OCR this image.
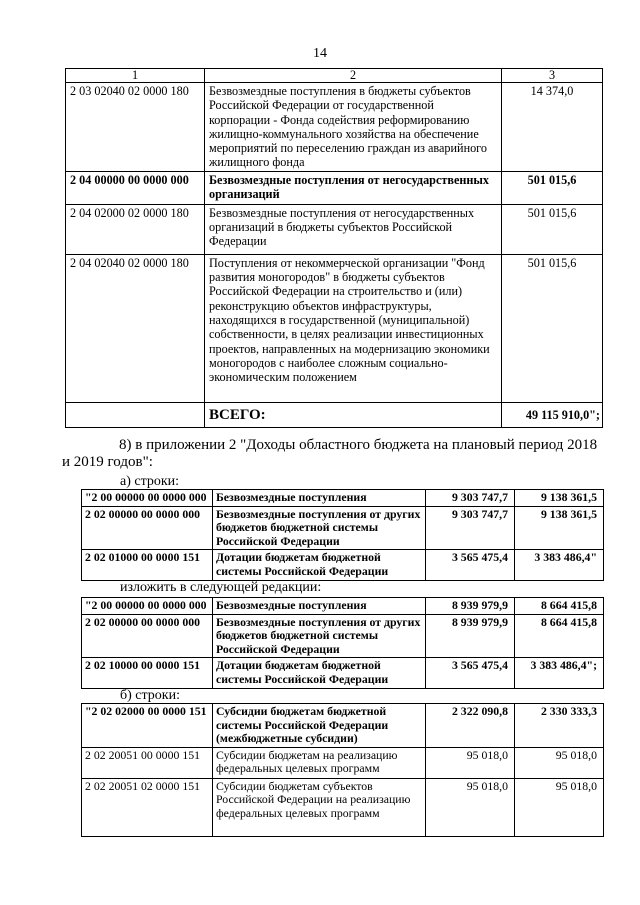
14
1	2	3
2 03 02040 02 0000 180	Безвозмездные поступления в бюджеты субъектов Российской Федерации от государственной корпорации - Фонда содействия реформированию жилищно-коммунального хозяйства на обеспечение мероприятий по переселению граждан из аварийного жилищного фонда	14 374,0
2 04 00000 00 0000 000	Безвозмездные поступления от негосударственных организаций	501 015,6
2 04 02000 02 0000 180	Безвозмездные поступления от негосударственных организаций в бюджеты субъектов Российской Федерации	501 015,6
2 04 02040 02 0000 180	Поступления от некоммерческой организации "Фонд развития моногородов" в бюджеты субъектов Российской Федерации на строительство и (или) реконструкцию объектов инфраструктуры, находящихся в государственной (муниципальной) собственности, в целях реализации инвестиционных проектов, направленных на модернизацию экономики моногородов с наиболее сложным социально-экономическим положением	501 015,6
	ВСЕГО:	49 115 910,0";
8) в приложении 2 "Доходы областного бюджета на плановый период 2018 и 2019 годов":
а) строки:
"2 00 00000 00 0000 000	Безвозмездные поступления	9 303 747,7	9 138 361,5
2 02 00000 00 0000 000	Безвозмездные поступления от других бюджетов бюджетной системы Российской Федерации	9 303 747,7	9 138 361,5
2 02 01000 00 0000 151	Дотации бюджетам бюджетной системы Российской Федерации	3 565 475,4	3 383 486,4"
изложить в следующей редакции:
"2 00 00000 00 0000 000	Безвозмездные поступления	8 939 979,9	8 664 415,8
2 02 00000 00 0000 000	Безвозмездные поступления от других бюджетов бюджетной системы Российской Федерации	8 939 979,9	8 664 415,8
2 02 10000 00 0000 151	Дотации бюджетам бюджетной системы Российской Федерации	3 565 475,4	3 383 486,4";
б) строки:
"2 02 02000 00 0000 151	Субсидии бюджетам бюджетной системы Российской Федерации (межбюджетные субсидии)	2 322 090,8	2 330 333,3
2 02 20051 00 0000 151	Субсидии бюджетам на реализацию федеральных целевых программ	95 018,0	95 018,0
2 02 20051 02 0000 151	Субсидии бюджетам субъектов Российской Федерации на реализацию федеральных целевых программ	95 018,0	95 018,0
